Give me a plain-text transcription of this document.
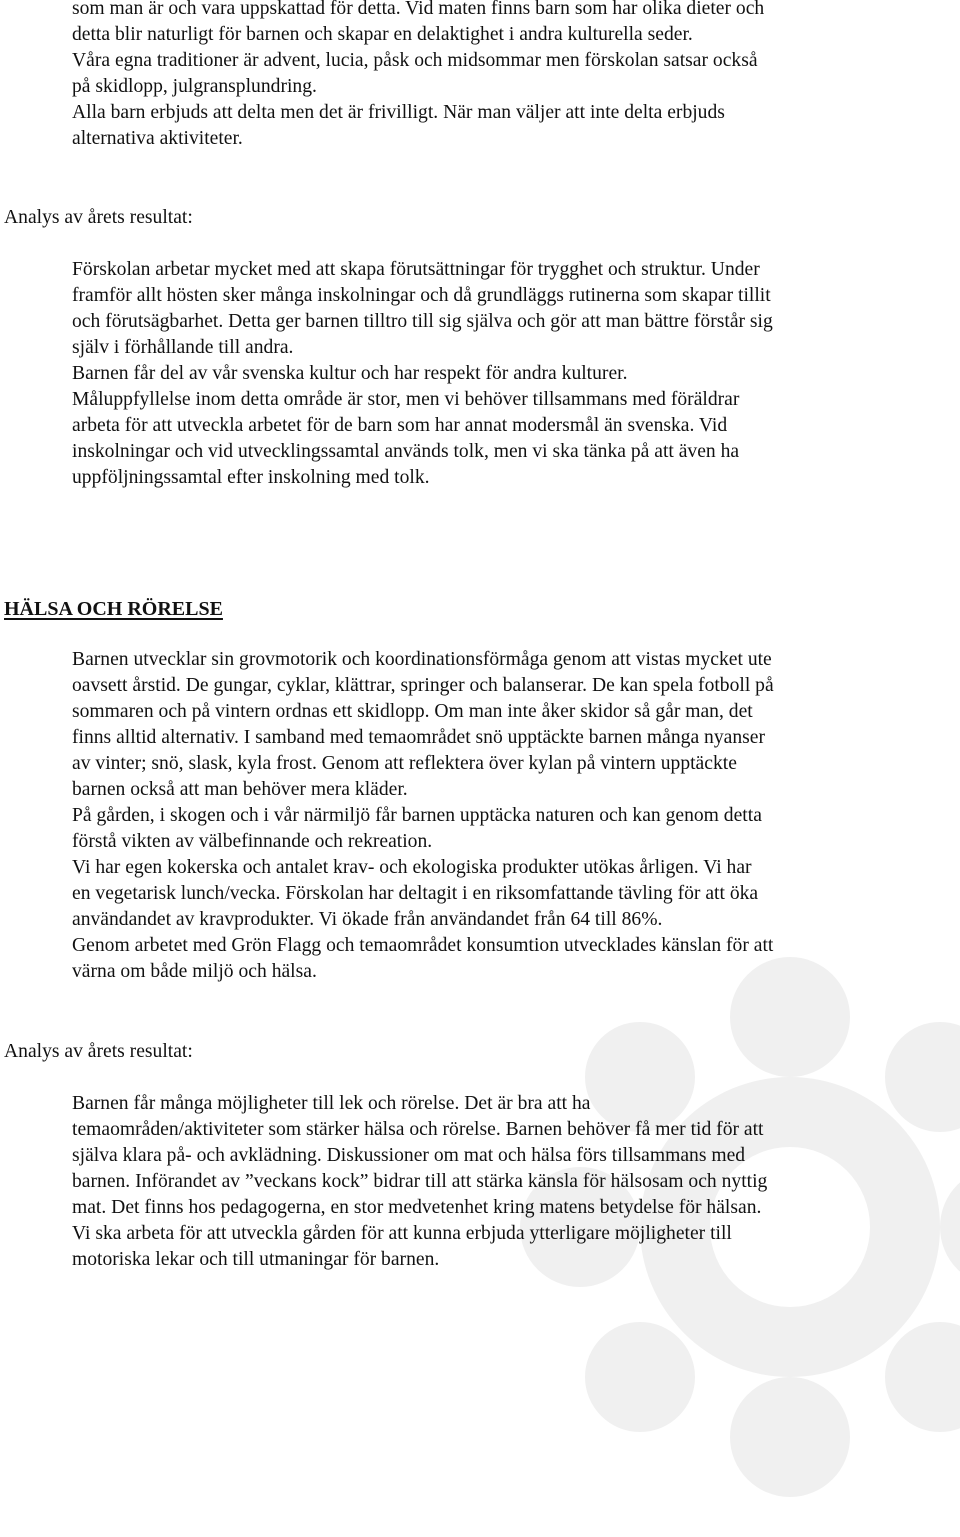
som man är och vara uppskattad för detta. Vid maten finns barn som har olika dieter och
detta blir naturligt för barnen och skapar en delaktighet i andra kulturella seder.
Våra egna traditioner är advent, lucia, påsk och midsommar men förskolan satsar också
på skidlopp, julgransplundring.
Alla barn erbjuds att delta men det är frivilligt. När man väljer att inte delta erbjuds
alternativa aktiviteter.
Analys av årets resultat:
Förskolan arbetar mycket med att skapa förutsättningar för trygghet och struktur. Under
framför allt hösten sker många inskolningar och då grundläggs rutinerna som skapar tillit
och förutsägbarhet. Detta ger barnen tilltro till sig själva och gör att man bättre förstår sig
själv i förhållande till andra.
Barnen får del av vår svenska kultur och har respekt för andra kulturer.
Måluppfyllelse inom detta område är stor, men vi behöver tillsammans med föräldrar
arbeta för att utveckla arbetet för de barn som har annat modersmål än svenska. Vid
inskolningar och vid utvecklingssamtal används tolk, men vi ska tänka på att även ha
uppföljningssamtal efter inskolning med tolk.
HÄLSA OCH RÖRELSE
Barnen utvecklar sin grovmotorik och koordinationsförmåga genom att vistas mycket ute
oavsett årstid. De gungar, cyklar, klättrar, springer och balanserar. De kan spela fotboll på
sommaren och på vintern ordnas ett skidlopp. Om man inte åker skidor så går man, det
finns alltid alternativ. I samband med temaområdet snö upptäckte barnen många nyanser
av vinter; snö, slask, kyla frost. Genom att reflektera över kylan på vintern upptäckte
barnen också att man behöver mera kläder.
På gården, i skogen och i vår närmiljö får barnen upptäcka naturen och kan genom detta
förstå vikten av välbefinnande och rekreation.
Vi har egen kokerska och antalet krav- och ekologiska produkter utökas årligen. Vi har
en vegetarisk lunch/vecka. Förskolan har deltagit i en riksomfattande tävling för att öka
användandet av kravprodukter. Vi ökade från användandet från 64 till 86%.
Genom arbetet med Grön Flagg och temaområdet konsumtion utvecklades känslan för att
värna om både miljö och hälsa.
Analys av årets resultat:
Barnen får många möjligheter till lek och rörelse. Det är bra att ha
temaområden/aktiviteter som stärker hälsa och rörelse. Barnen behöver få mer tid för att
själva klara på- och avklädning. Diskussioner om mat och hälsa förs tillsammans med
barnen. Införandet av ”veckans kock” bidrar till att stärka känsla för hälsosam och nyttig
mat. Det finns hos pedagogerna, en stor medvetenhet kring matens betydelse för hälsan.
Vi ska arbeta för att utveckla gården för att kunna erbjuda ytterligare möjligheter till
motoriska lekar och till utmaningar för barnen.
